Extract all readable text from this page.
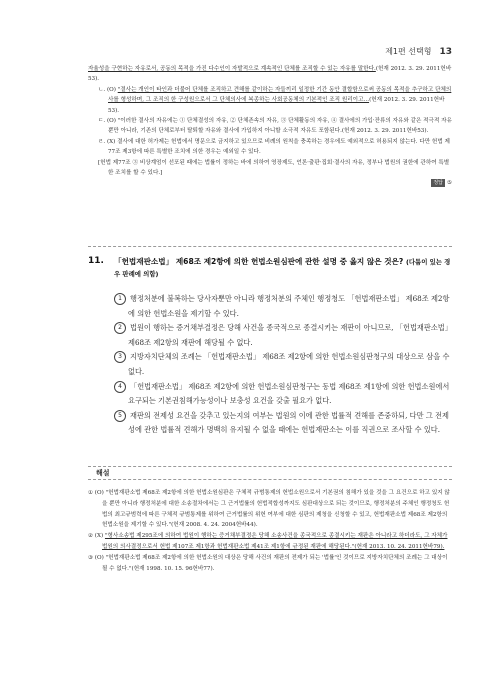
제1편 선택형 13

자율성을 구현하는 자유로서, 공동의 목적을 가진 다수인이 자발적으로 계속적인 단체를 조직할 수 있는 자유를 말한다.(헌재 2012. 3. 29. 2011헌바53).

ㄴ. (O) "결사는 개인이 타인과 더불어 단체를 조직하고 견해를 같이하는 자들끼리 일정한 기간 동안 결합함으로써 공동의 목적을 추구하고 단체의사를 형성하며, 그 조직의 한 구성원으로서 그 단체의사에 복종하는 사회공동체의 기본적인 조직 원리이고…(헌재 2012. 3. 29. 2011헌바53).

ㄷ. (O) "이러한 결사의 자유에는 ① 단체결성의 자유, ② 단체존속의 자유, ③ 단체활동의 자유, ④ 결사에의 가입·잔류의 자유와 같은 적극적 자유뿐만 아니라, 기존의 단체로부터 탈퇴할 자유와 결사에 가입하지 아니할 소극적 자유도 포함된다.(헌재 2012. 3. 29. 2011헌바53).

ㄹ. (X) 결사에 대한 허가제는 헌법에서 명문으로 금지하고 있으므로 비례의 원칙을 충족하는 경우에도 예외적으로 허용되지 않는다. 다만 헌법 제77조 제3항에 따른 특별한 조치에 의한 경우는 예외일 수 있다.

[헌법 제77조 ③ 비상계엄이 선포된 때에는 법률이 정하는 바에 의하여 영장제도, 언론·출판·집회·결사의 자유, 정부나 법원의 권한에 관하여 특별한 조치를 할 수 있다.]

정답 ⑤

11. 「헌법재판소법」 제68조 제2항에 의한 헌법소원심판에 관한 설명 중 옳지 않은 것은? (다툼이 있는 경우 판례에 의함)

1 행정처분에 불복하는 당사자뿐만 아니라 행정처분의 주체인 행정청도 「헌법재판소법」 제68조 제2항에 의한 헌법소원을 제기할 수 있다.

2 법원이 행하는 증거채부결정은 당해 사건을 종국적으로 종결시키는 재판이 아니므로, 「헌법재판소법」 제68조 제2항의 재판에 해당될 수 없다.

3 지방자치단체의 조례는 「헌법재판소법」 제68조 제2항에 의한 헌법소원심판청구의 대상으로 삼을 수 없다.

4 「헌법재판소법」 제68조 제2항에 의한 헌법소원심판청구는 동법 제68조 제1항에 의한 헌법소원에서 요구되는 기본권침해가능성이나 보충성 요건을 갖출 필요가 없다.

5 재판의 전제성 요건을 갖추고 있는지의 여부는 법원의 이에 관한 법률적 견해를 존중하되, 다만 그 전제성에 관한 법률적 견해가 명백히 유지될 수 없을 때에는 헌법재판소는 이를 직권으로 조사할 수 있다.

해설

① (O) "헌법재판소법 제68조 제2항에 의한 헌법소원심판은 구체적 규범통제의 헌법소원으로서 기본권의 침해가 있을 것을 그 요건으로 하고 있지 않을 뿐만 아니라 행정처분에 대한 소송절차에서는 그 근거법률의 헌법적합성까지도 심판대상으로 되는 것이므로, 행정처분의 주체인 행정청도 헌법의 최고규범력에 따른 구체적 규범통제를 위하여 근거법률의 위헌 여부에 대한 심판의 제청을 신청할 수 있고, 헌법재판소법 제68조 제2항의 헌법소원을 제기할 수 있다."(헌재 2008. 4. 24. 2004헌바44).

② (X) "형사소송법 제295조에 의하여 법원이 행하는 증거채부결정은 당해 소송사건을 종국적으로 종결시키는 재판은 아니라고 하더라도, 그 자체가 법원의 의사결정으로서 헌법 제107조 제1항과 헌법재판소법 제41조 제1항에 규정된 재판에 해당된다."(헌재 2013. 10. 24. 2011헌바79).

③ (O) "헌법재판소법 제68조 제2항에 의한 헌법소원의 대상은 당해 사건의 재판의 전제가 되는 '법률'인 것이므로 지방자치단체의 조례는 그 대상이 될 수 없다."(헌재 1998. 10. 15. 96헌바77).
